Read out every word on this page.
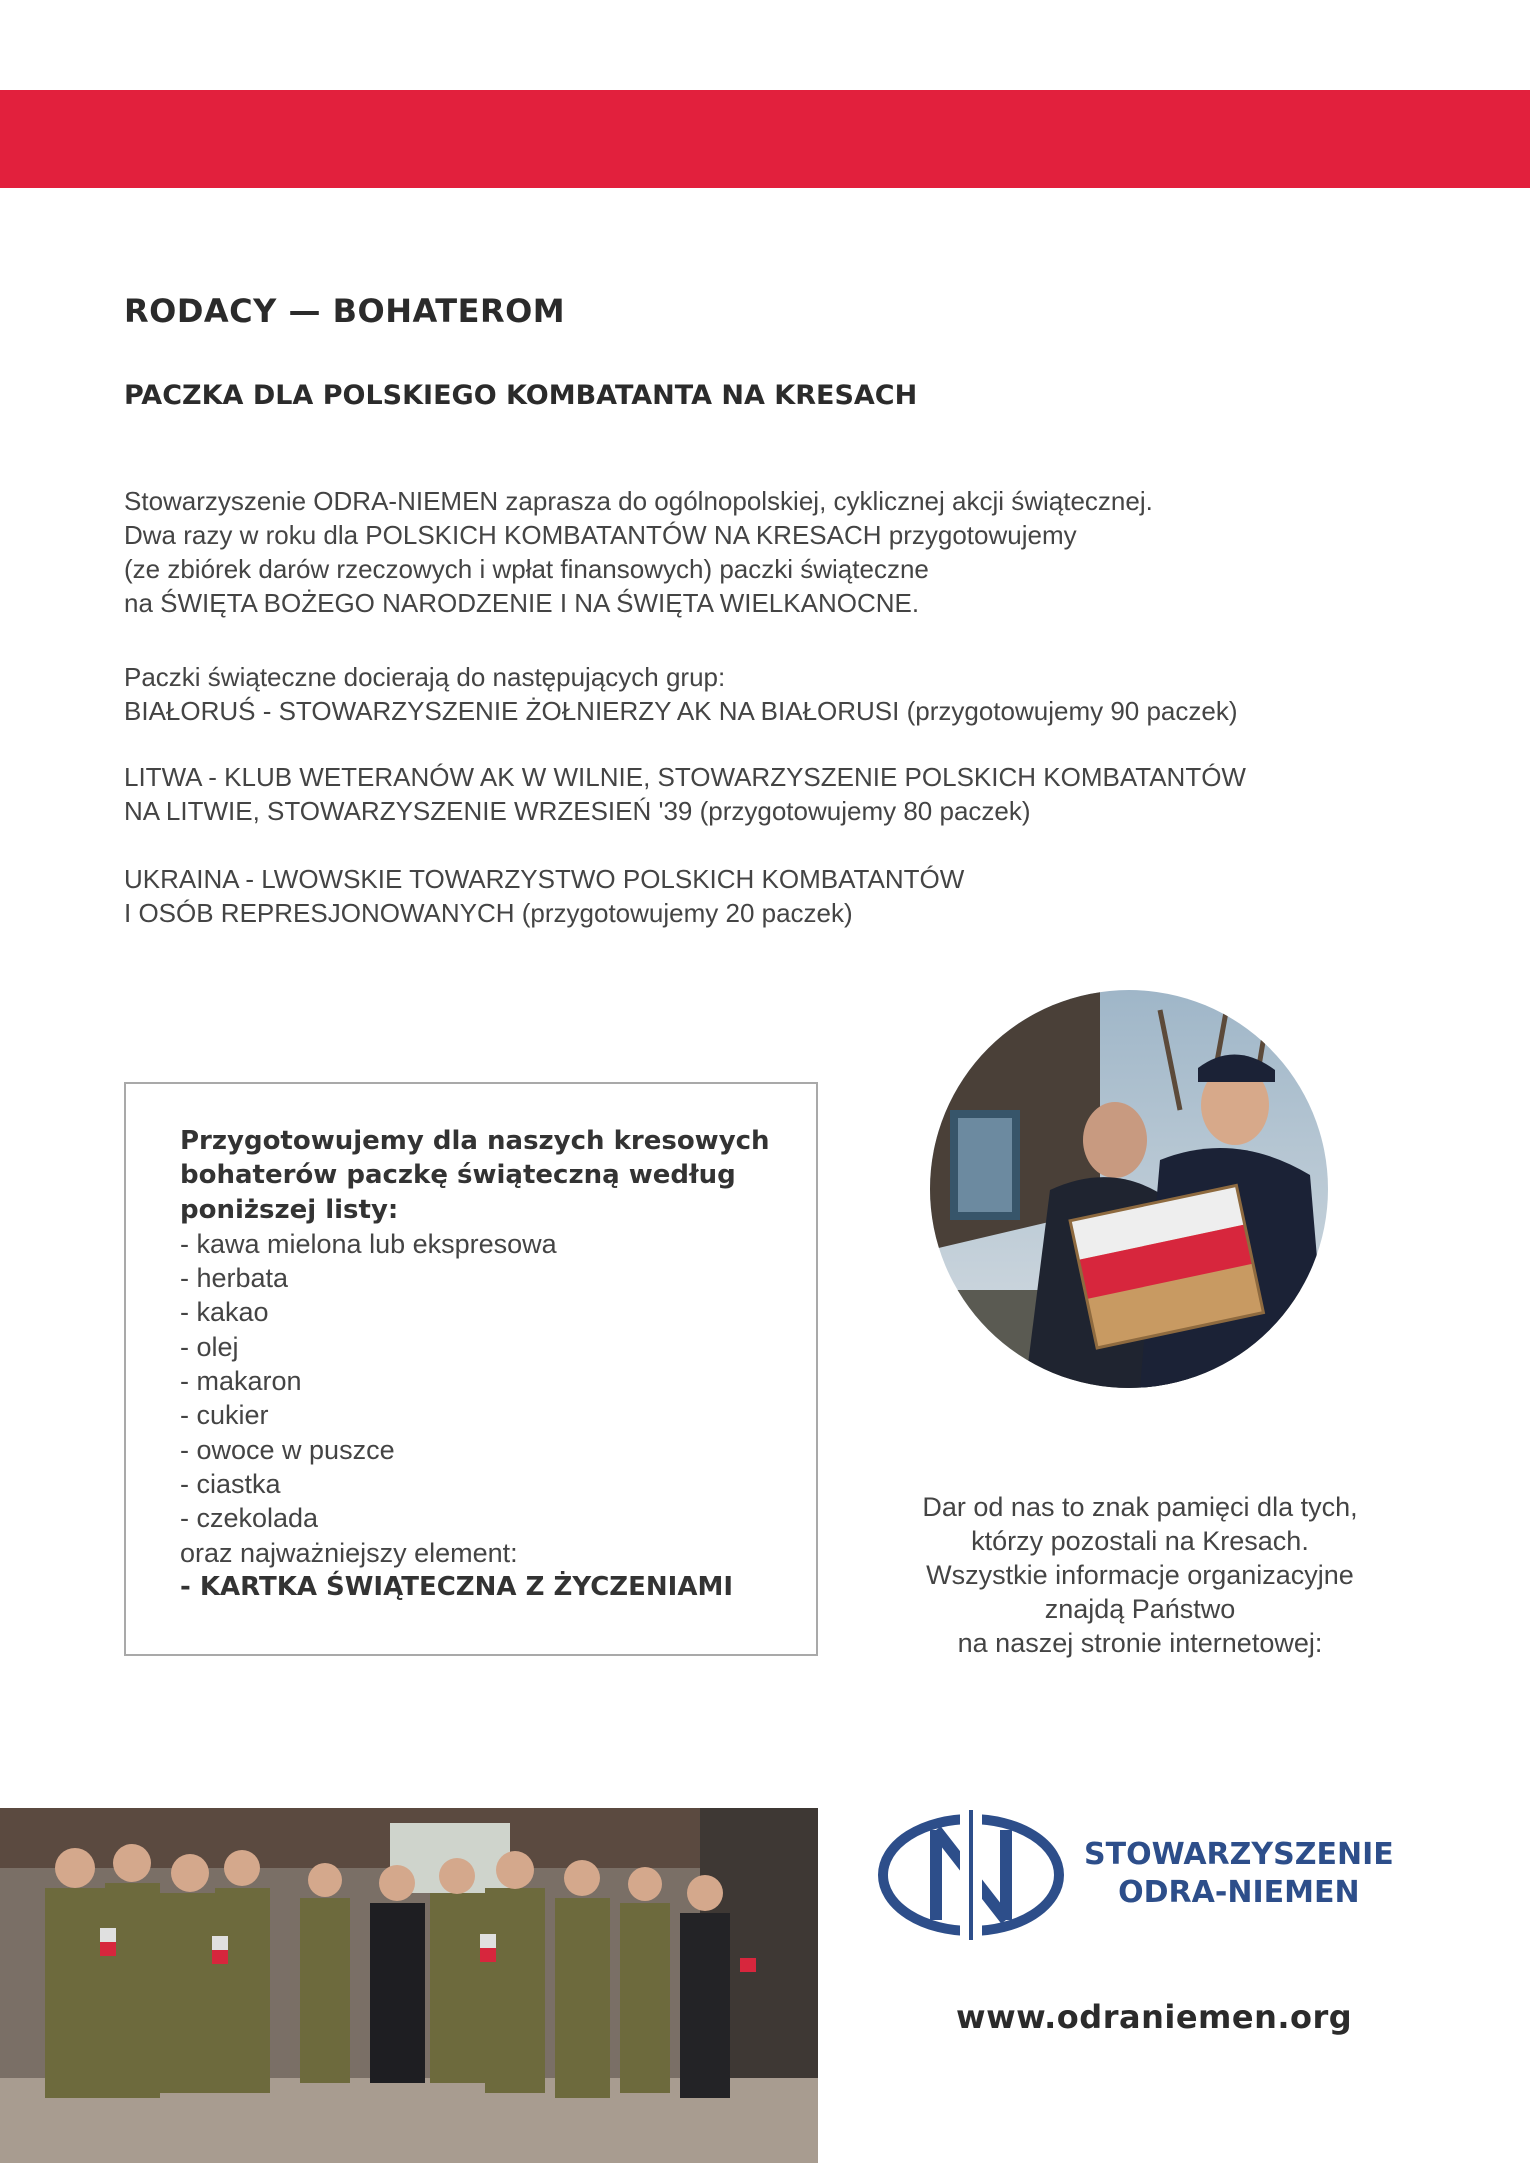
RODACY — BOHATEROM
PACZKA DLA POLSKIEGO KOMBATANTA NA KRESACH
Stowarzyszenie ODRA-NIEMEN zaprasza do ogólnopolskiej, cyklicznej akcji świątecznej.
Dwa razy w roku dla POLSKICH KOMBATANTÓW NA KRESACH przygotowujemy
(ze zbiórek darów rzeczowych i wpłat finansowych) paczki świąteczne
na ŚWIĘTA BOŻEGO NARODZENIE I NA ŚWIĘTA WIELKANOCNE.
Paczki świąteczne docierają do następujących grup:
BIAŁORUŚ - STOWARZYSZENIE ŻOŁNIERZY AK NA BIAŁORUSI (przygotowujemy 90 paczek)
LITWA - KLUB WETERANÓW AK W WILNIE, STOWARZYSZENIE POLSKICH KOMBATANTÓW
NA LITWIE, STOWARZYSZENIE WRZESIEŃ '39 (przygotowujemy 80 paczek)
UKRAINA - LWOWSKIE TOWARZYSTWO POLSKICH KOMBATANTÓW
I OSÓB REPRESJONOWANYCH (przygotowujemy 20 paczek)
Przygotowujemy dla naszych kresowych
bohaterów paczkę świąteczną według
poniższej listy:
- kawa mielona lub ekspresowa
- herbata
- kakao
- olej
- makaron
- cukier
- owoce w puszce
- ciastka
- czekolada
oraz najważniejszy element:
- KARTKA ŚWIĄTECZNA Z ŻYCZENIAMI
Dar od nas to znak pamięci dla tych,
którzy pozostali na Kresach.
Wszystkie informacje organizacyjne
znajdą Państwo
na naszej stronie internetowej:
STOWARZYSZENIE
ODRA-NIEMEN
www.odraniemen.org
